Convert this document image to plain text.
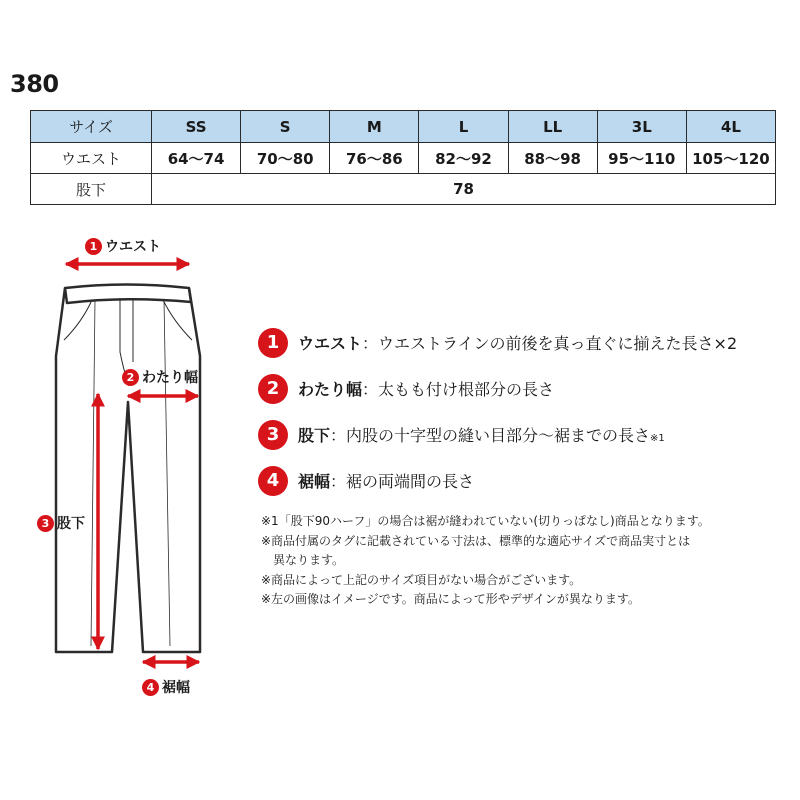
380
サイズ	SS	S	M	L	LL	3L	4L
ウエスト	64〜74	70〜80	76〜86	82〜92	88〜98	95〜110	105〜120
股下	78						
1 ウエスト
2 わたり幅
3 股下
4 裾幅
1	ウエスト：ウエストラインの前後を真っ直ぐに揃えた長さ×2
2	わたり幅：太もも付け根部分の長さ
3	股下：内股の十字型の縫い目部分〜裾までの長さ※1
4	裾幅：裾の両端間の長さ

※1「股下90ハーフ」の場合は裾が縫われていない(切りっぱなし)商品となります。

※商品付属のタグに記載されている寸法は、標準的な適応サイズで商品実寸とは

異なります。

※商品によって上記のサイズ項目がない場合がございます。

※左の画像はイメージです。商品によって形やデザインが異なります。
